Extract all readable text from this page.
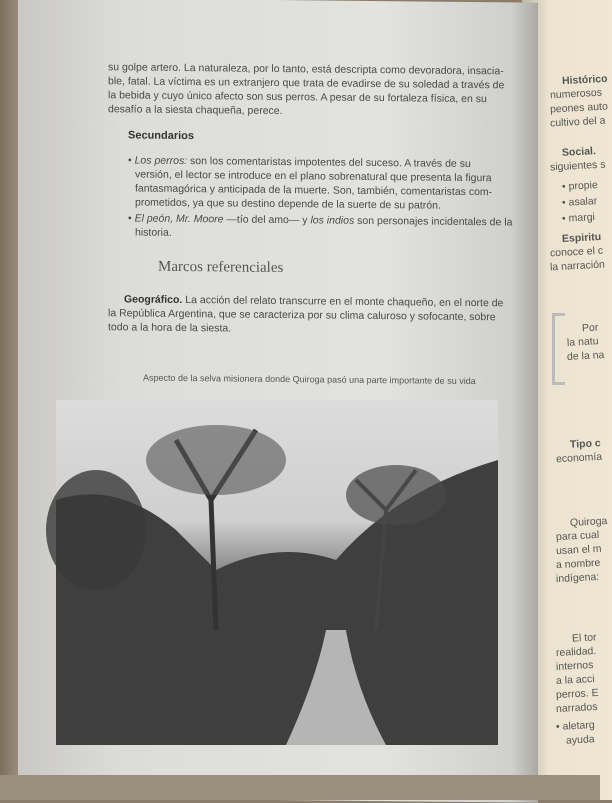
su golpe artero. La naturaleza, por lo tanto, está descripta como devoradora, insacia-
ble, fatal. La víctima es un extranjero que trata de evadirse de su soledad a través de
la bebida y cuyo único afecto son sus perros. A pesar de su fortaleza física, en su
desafío a la siesta chaqueña, perece.
Secundarios
• Los perros: son los comentaristas impotentes del suceso. A través de su
versión, el lector se introduce en el plano sobrenatural que presenta la figura
fantasmagórica y anticipada de la muerte. Son, también, comentaristas com-
prometidos, ya que su destino depende de la suerte de su patrón.
• El peón, Mr. Moore —tío del amo— y los indios son personajes incidentales de la
historia.
Marcos referenciales
Geográfico. La acción del relato transcurre en el monte chaqueño, en el norte de
la República Argentina, que se caracteriza por su clima caluroso y sofocante, sobre
todo a la hora de la siesta.
Aspecto de la selva misionera donde Quiroga pasó una parte importante de su vida
Histórico
numerosos
peones auto
cultivo del a
Social.
siguientes s
• propie
• asalar
• margi
Espiritu
conoce el c
la narración
Por
la natu
de la na
Tipo c
economía
Quiroga
para cual
usan el m
a nombre
indígena:
El tor
realidad.
internos
a la acci
perros. E
narrados
• aletarg
ayuda
